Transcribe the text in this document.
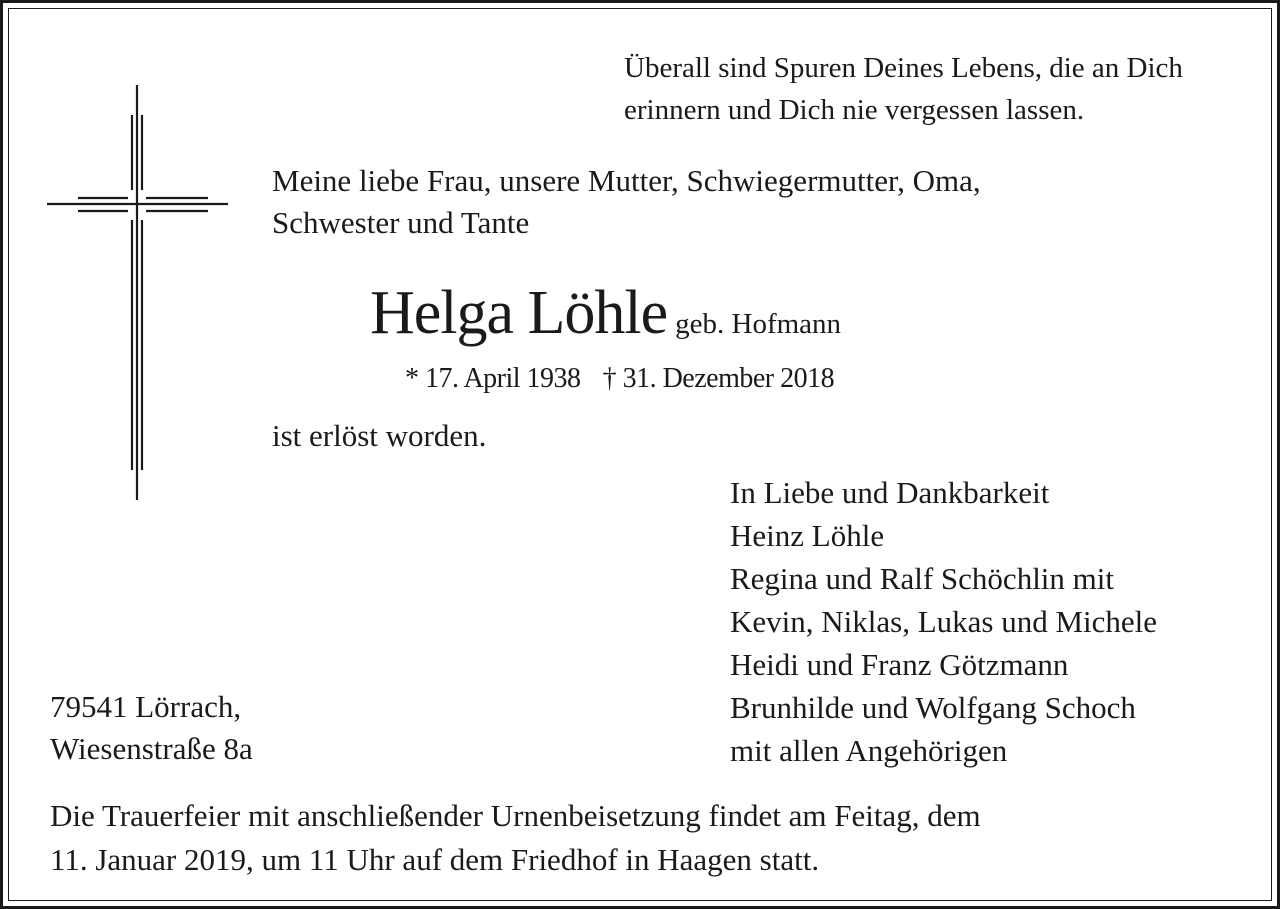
Überall sind Spuren Deines Lebens, die an Dich
erinnern und Dich nie vergessen lassen.
Meine liebe Frau, unsere Mutter, Schwiegermutter, Oma,
Schwester und Tante
Helga Löhle geb. Hofmann
* 17. April 1938 † 31. Dezember 2018
ist erlöst worden.
In Liebe und Dankbarkeit
Heinz Löhle
Regina und Ralf Schöchlin mit
Kevin, Niklas, Lukas und Michele
Heidi und Franz Götzmann
Brunhilde und Wolfgang Schoch
mit allen Angehörigen
79541 Lörrach,
Wiesenstraße 8a
Die Trauerfeier mit anschließender Urnenbeisetzung findet am Feitag, dem
11. Januar 2019, um 11 Uhr auf dem Friedhof in Haagen statt.
